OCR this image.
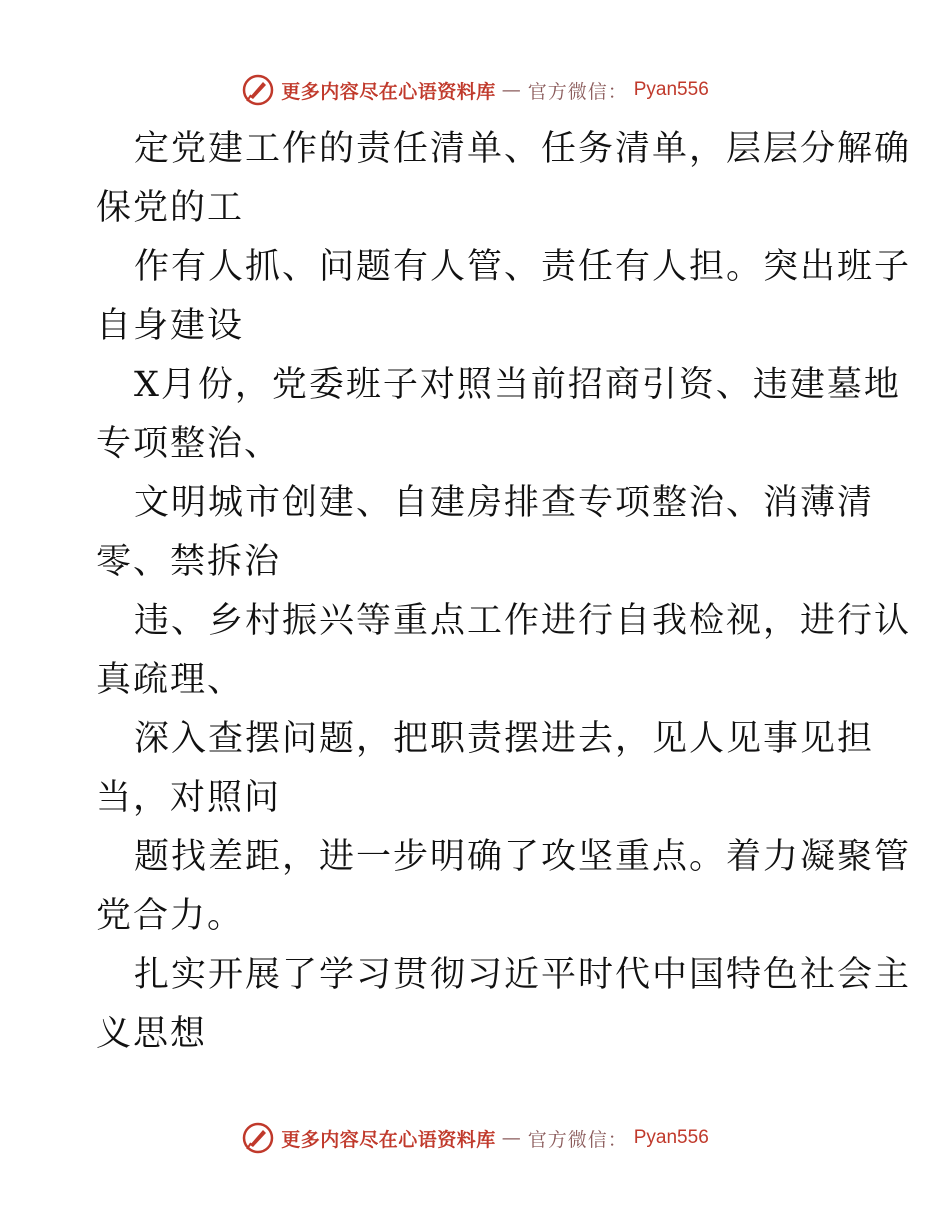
更多内容尽在心语资料库 — 官方微信： Pyan556

定党建工作的责任清单、任务清单，层层分解确
保党的工

作有人抓、问题有人管、责任有人担。突出班子
自身建设

X月份，党委班子对照当前招商引资、违建墓地
专项整治、

文明城市创建、自建房排查专项整治、消薄清
零、禁拆治

违、乡村振兴等重点工作进行自我检视，进行认
真疏理、

深入查摆问题，把职责摆进去，见人见事见担
当，对照问

题找差距，进一步明确了攻坚重点。着力凝聚管
党合力。

扎实开展了学习贯彻习近平时代中国特色社会主
义思想

更多内容尽在心语资料库 — 官方微信： Pyan556
